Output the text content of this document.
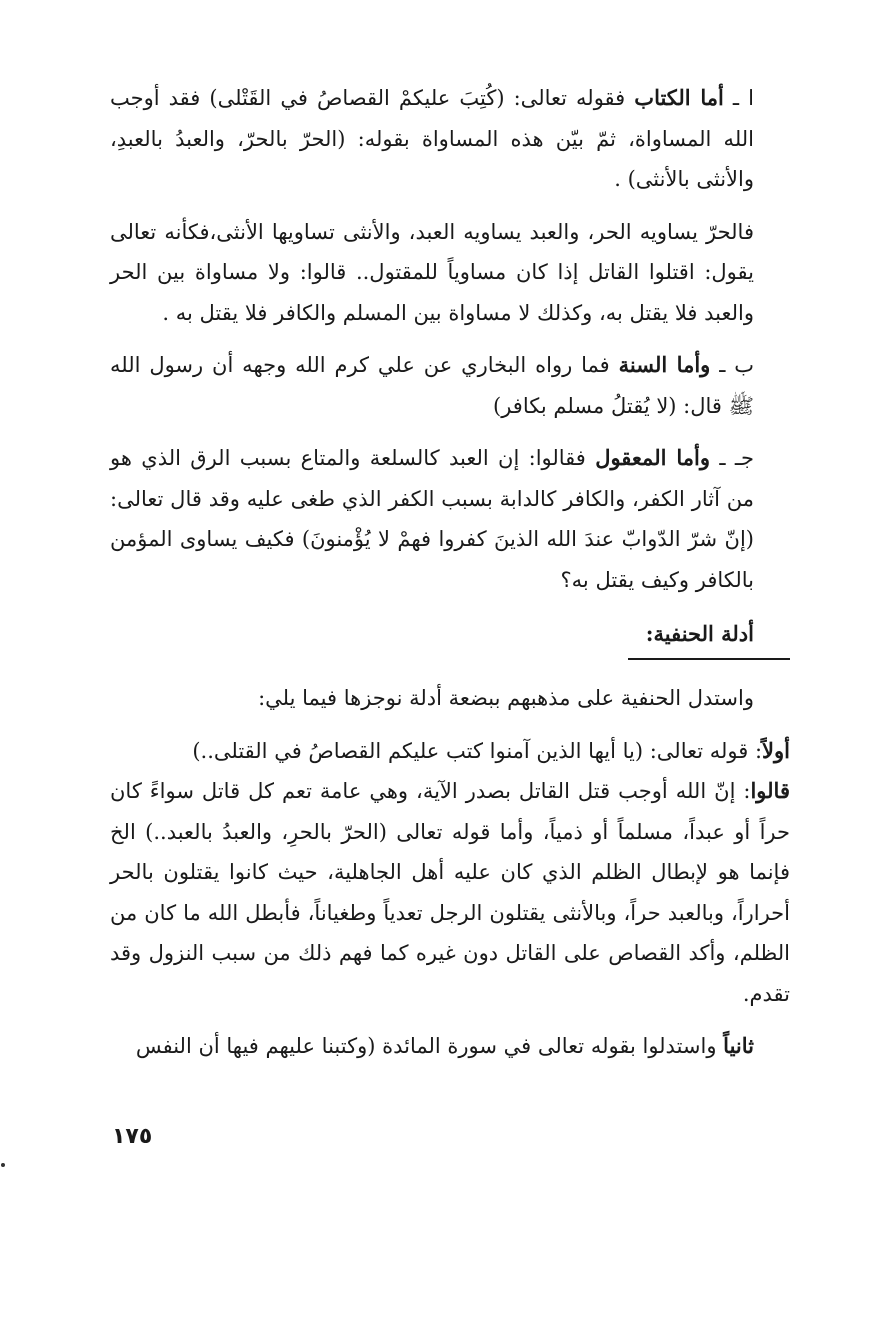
ا ـ أما الكتاب فقوله تعالى: (كُتِبَ عليكمْ القصاصُ في القَتْلى) فقد أوجب الله المساواة، ثمّ بيّن هذه المساواة بقوله: (الحرّ بالحرّ، والعبدُ بالعبدِ، والأنثى بالأنثى) .

فالحرّ يساويه الحر، والعبد يساويه العبد، والأنثى تساويها الأنثى،فكأنه تعالى يقول: اقتلوا القاتل إذا كان مساوياً للمقتول.. قالوا: ولا مساواة بين الحر والعبد فلا يقتل به، وكذلك لا مساواة بين المسلم والكافر فلا يقتل به .

ب ـ وأما السنة فما رواه البخاري عن علي كرم الله وجهه أن رسول الله ﷺ قال: (لا يُقتلُ مسلم بكافر)

جـ ـ وأما المعقول فقالوا: إن العبد كالسلعة والمتاع بسبب الرق الذي هو من آثار الكفر، والكافر كالدابة بسبب الكفر الذي طغى عليه وقد قال تعالى: (إنّ شرّ الدّوابّ عندَ الله الذينَ كفروا فهمْ لا يُؤْمنونَ) فكيف يساوى المؤمن بالكافر وكيف يقتل به؟

أدلة الحنفية:

واستدل الحنفية على مذهبهم ببضعة أدلة نوجزها فيما يلي:

أولاً: قوله تعالى: (يا أيها الذين آمنوا كتب عليكم القصاصُ في القتلى..)
قالوا: إنّ الله أوجب قتل القاتل بصدر الآية، وهي عامة تعم كل قاتل سواءً كان حراً أو عبداً، مسلماً أو ذمياً، وأما قوله تعالى (الحرّ بالحرِ، والعبدُ بالعبد..) الخ فإنما هو لإبطال الظلم الذي كان عليه أهل الجاهلية، حيث كانوا يقتلون بالحر أحراراً، وبالعبد حراً، وبالأنثى يقتلون الرجل تعدياً وطغياناً، فأبطل الله ما كان من الظلم، وأكد القصاص على القاتل دون غيره كما فهم ذلك من سبب النزول وقد تقدم.

ثانياً واستدلوا بقوله تعالى في سورة المائدة (وكتبنا عليهم فيها أن النفس

١٧٥
